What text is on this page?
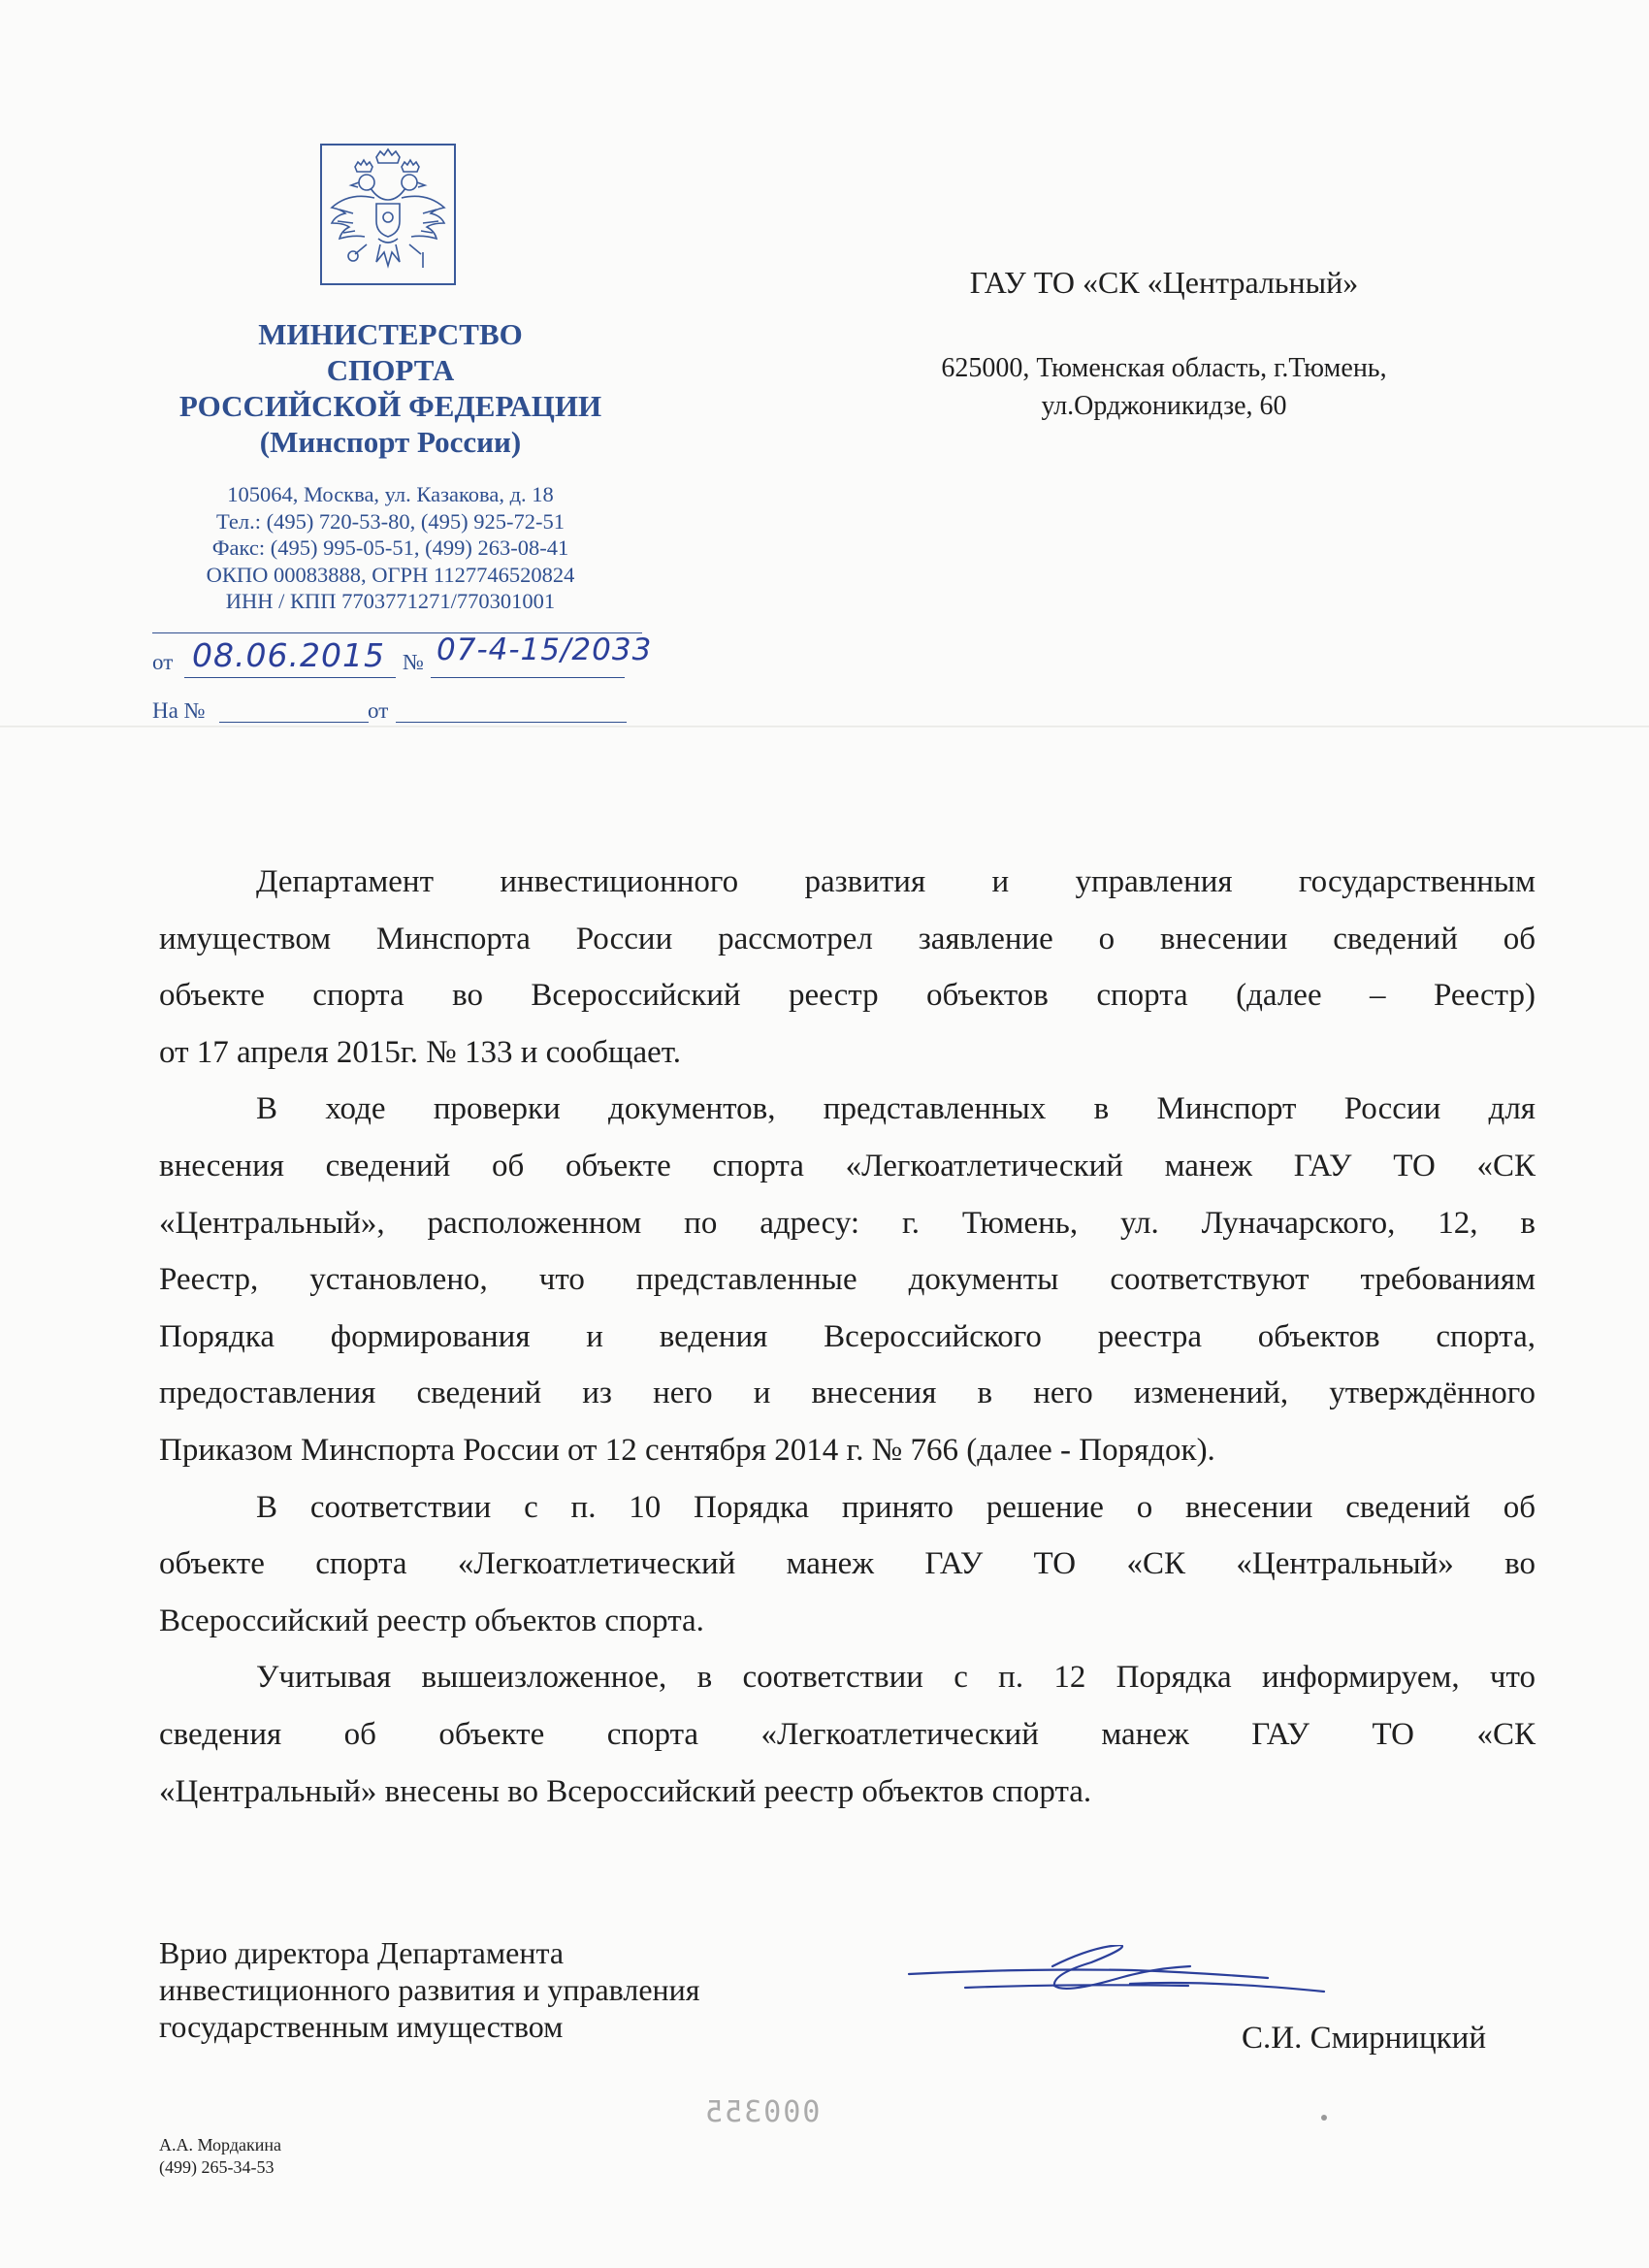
МИНИСТЕРСТВО
СПОРТА
РОССИЙСКОЙ ФЕДЕРАЦИИ
(Минспорт России)
105064, Москва, ул. Казакова, д. 18
Тел.: (495) 720-53-80, (495) 925-72-51
Факс: (495) 995-05-51, (499) 263-08-41
ОКПО 00083888, ОГРН 1127746520824
ИНН / КПП 7703771271/770301001
от	№
08.06.2015 07-4-15/2033
На №	от
ГАУ ТО «СК «Центральный»
625000, Тюменская область, г.Тюмень,
ул.Орджоникидзе, 60

Департамент инвестиционного развития и управления государственным
имуществом Минспорта России рассмотрел заявление о внесении сведений об
объекте спорта во Всероссийский реестр объектов спорта (далее – Реестр)
от 17 апреля 2015г. № 133 и сообщает.

В ходе проверки документов, представленных в Минспорт России для
внесения сведений об объекте спорта «Легкоатлетический манеж ГАУ ТО «СК
«Центральный», расположенном по адресу: г. Тюмень, ул. Луначарского, 12, в
Реестр, установлено, что представленные документы соответствуют требованиям
Порядка формирования и ведения Всероссийского реестра объектов спорта,
предоставления сведений из него и внесения в него изменений, утверждённого
Приказом Минспорта России от 12 сентября 2014 г. № 766 (далее - Порядок).

В соответствии с п. 10 Порядка принято решение о внесении сведений об
объекте спорта «Легкоатлетический манеж ГАУ ТО «СК «Центральный» во
Всероссийский реестр объектов спорта.

Учитывая вышеизложенное, в соответствии с п. 12 Порядка информируем, что
сведения об объекте спорта «Легкоатлетический манеж ГАУ ТО «СК
«Центральный» внесены во Всероссийский реестр объектов спорта.

Врио директора Департамента
инвестиционного развития и управления
государственным имуществом	С.И. Смирницкий
000355
А.А. Мордакина
(499) 265-34-53
